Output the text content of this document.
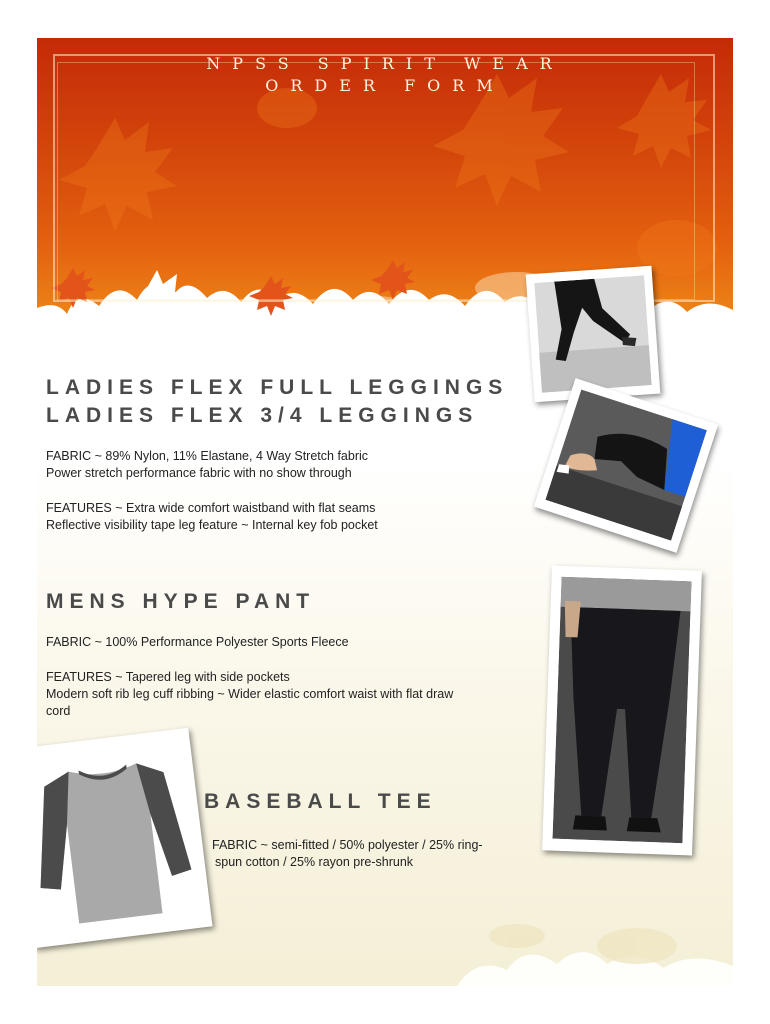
NPSS SPIRIT WEAR
ORDER FORM
LADIES FLEX FULL LEGGINGS
LADIES FLEX 3/4 LEGGINGS

FABRIC ~ 89% Nylon, 11% Elastane, 4 Way Stretch fabric

Power stretch performance fabric with no show through

FEATURES ~ Extra wide comfort waistband with flat seams

Reflective visibility tape leg feature ~ Internal key fob pocket

MENS HYPE PANT

FABRIC ~ 100% Performance Polyester Sports Fleece

FEATURES ~ Tapered leg with side pockets

Modern soft rib leg cuff ribbing ~ Wider elastic comfort waist with flat draw

cord

BASEBALL TEE

FABRIC ~ semi-fitted / 50% polyester / 25% ring-

spun cotton / 25% rayon pre-shrunk
